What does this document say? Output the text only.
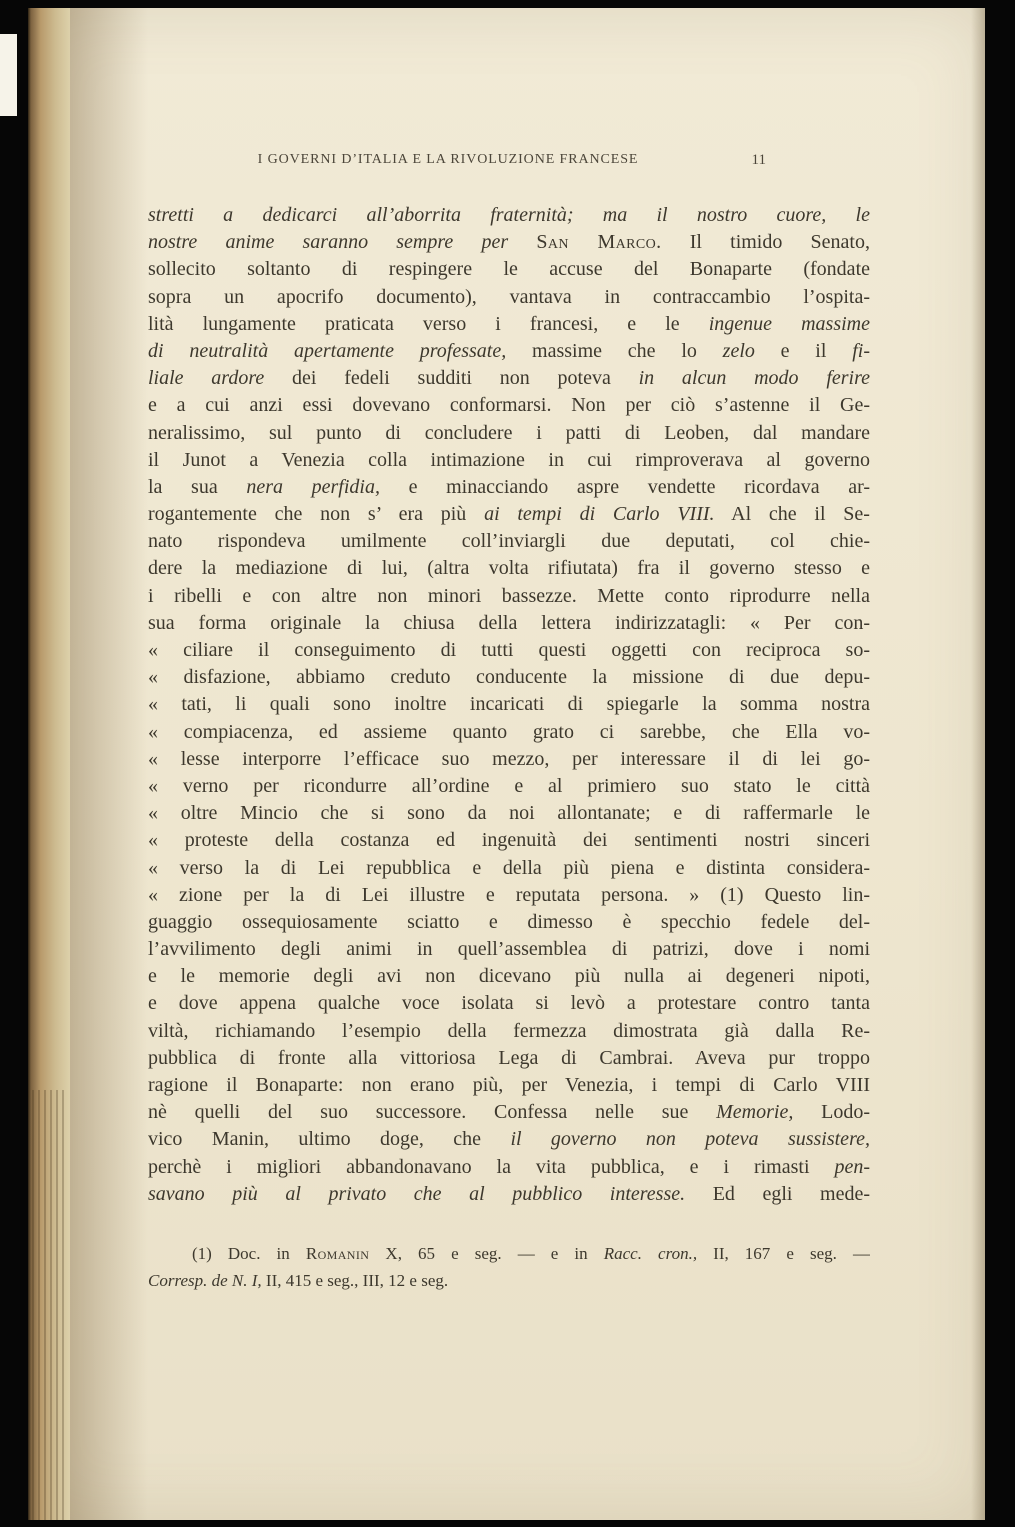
I GOVERNI D’ITALIA E LA RIVOLUZIONE FRANCESE	11
stretti a dedicarci all’aborrita fraternità; ma il nostro cuore, le
nostre anime saranno sempre per San Marco. Il timido Senato,
sollecito soltanto di respingere le accuse del Bonaparte (fondate
sopra un apocrifo documento), vantava in contraccambio l’ospita-
lità lungamente praticata verso i francesi, e le ingenue massime
di neutralità apertamente professate, massime che lo zelo e il fi-
liale ardore dei fedeli sudditi non poteva in alcun modo ferire
e a cui anzi essi dovevano conformarsi. Non per ciò s’astenne il Ge-
neralissimo, sul punto di concludere i patti di Leoben, dal mandare
il Junot a Venezia colla intimazione in cui rimproverava al governo
la sua nera perfidia, e minacciando aspre vendette ricordava ar-
rogantemente che non s’ era più ai tempi di Carlo VIII. Al che il Se-
nato rispondeva umilmente coll’inviargli due deputati, col chie-
dere la mediazione di lui, (altra volta rifiutata) fra il governo stesso e
i ribelli e con altre non minori bassezze. Mette conto riprodurre nella
sua forma originale la chiusa della lettera indirizzatagli: « Per con-
« ciliare il conseguimento di tutti questi oggetti con reciproca so-
« disfazione, abbiamo creduto conducente la missione di due depu-
« tati, li quali sono inoltre incaricati di spiegarle la somma nostra
« compiacenza, ed assieme quanto grato ci sarebbe, che Ella vo-
« lesse interporre l’efficace suo mezzo, per interessare il di lei go-
« verno per ricondurre all’ordine e al primiero suo stato le città
« oltre Mincio che si sono da noi allontanate; e di raffermarle le
« proteste della costanza ed ingenuità dei sentimenti nostri sinceri
« verso la di Lei repubblica e della più piena e distinta considera-
« zione per la di Lei illustre e reputata persona. » (1) Questo lin-
guaggio ossequiosamente sciatto e dimesso è specchio fedele del-
l’avvilimento degli animi in quell’assemblea di patrizi, dove i nomi
e le memorie degli avi non dicevano più nulla ai degeneri nipoti,
e dove appena qualche voce isolata si levò a protestare contro tanta
viltà, richiamando l’esempio della fermezza dimostrata già dalla Re-
pubblica di fronte alla vittoriosa Lega di Cambrai. Aveva pur troppo
ragione il Bonaparte: non erano più, per Venezia, i tempi di Carlo VIII
nè quelli del suo successore. Confessa nelle sue Memorie, Lodo-
vico Manin, ultimo doge, che il governo non poteva sussistere,
perchè i migliori abbandonavano la vita pubblica, e i rimasti pen-
savano più al privato che al pubblico interesse. Ed egli mede-
(1) Doc. in Romanin X, 65 e seg. — e in Racc. cron., II, 167 e seg. —
Corresp. de N. I, II, 415 e seg., III, 12 e seg.
